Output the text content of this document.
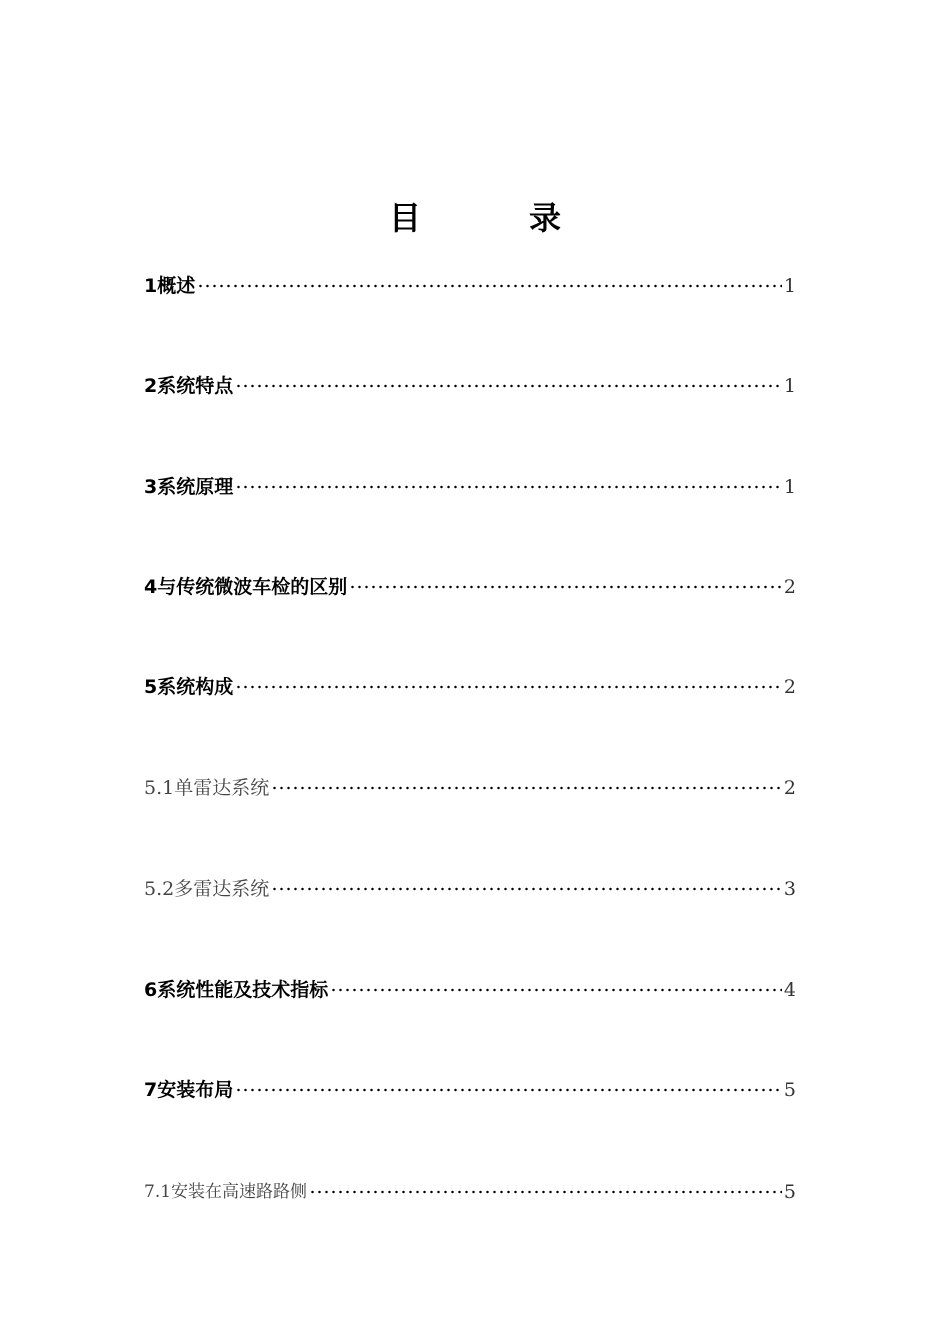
目　录
1概述	1
2系统特点	1
3系统原理	1
4与传统微波车检的区别	2
5系统构成	2
5.1单雷达系统	2
5.2多雷达系统	3
6系统性能及技术指标	4
7安装布局	5
7.1安装在高速路路侧	5
